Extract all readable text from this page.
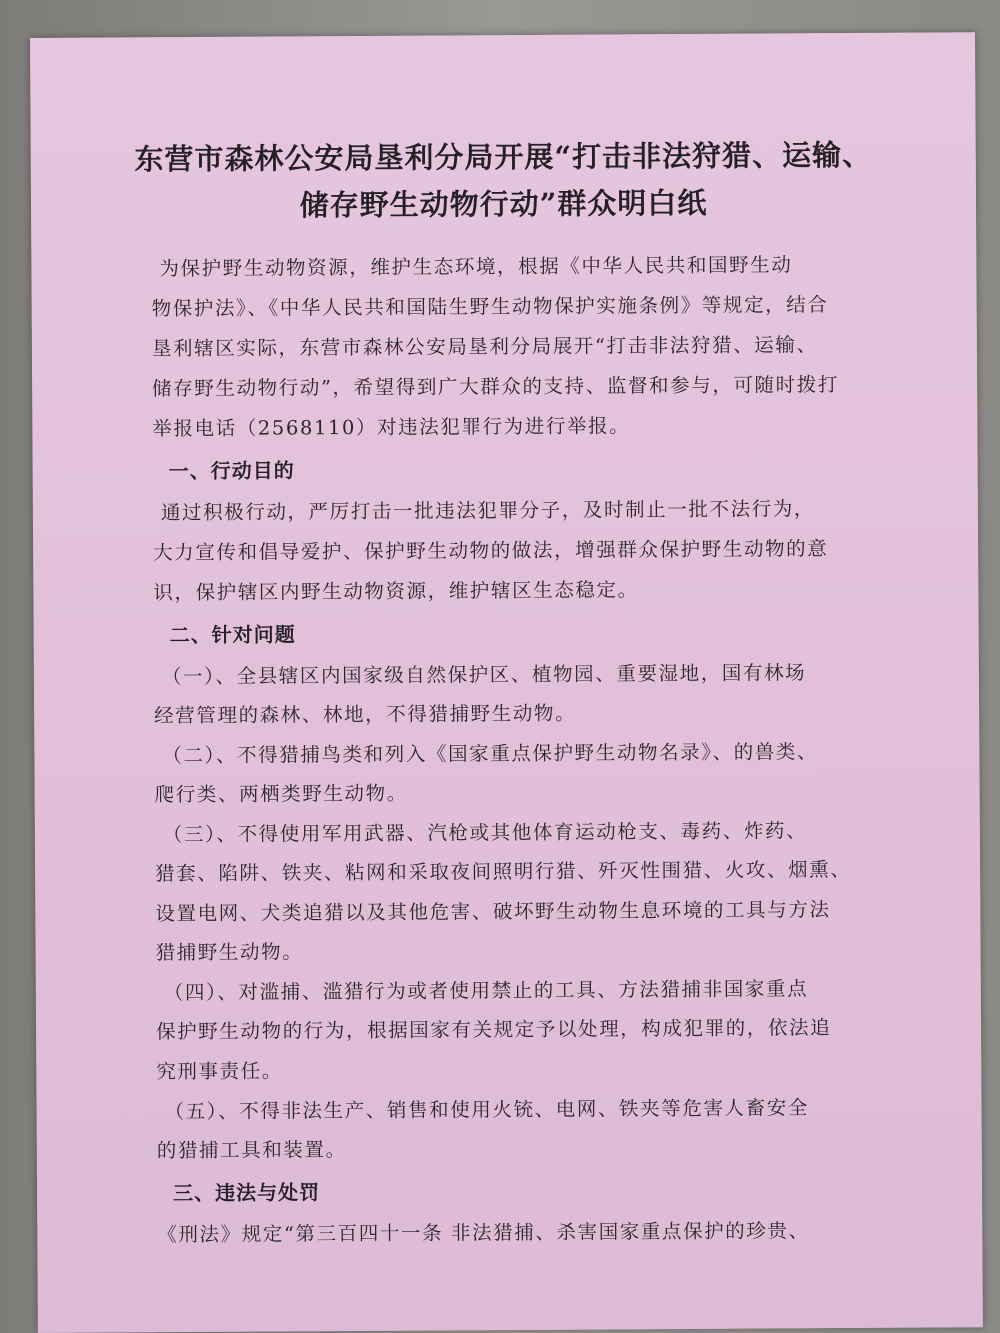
东营市森林公安局垦利分局开展“打击非法狩猎、运输、
储存野生动物行动”群众明白纸
为保护野生动物资源，维护生态环境，根据《中华人民共和国野生动
物保护法》、《中华人民共和国陆生野生动物保护实施条例》等规定，结合
垦利辖区实际，东营市森林公安局垦利分局展开“打击非法狩猎、运输、
储存野生动物行动”，希望得到广大群众的支持、监督和参与，可随时拨打
举报电话（2568110）对违法犯罪行为进行举报。
一、行动目的
通过积极行动，严厉打击一批违法犯罪分子，及时制止一批不法行为，
大力宣传和倡导爱护、保护野生动物的做法，增强群众保护野生动物的意
识，保护辖区内野生动物资源，维护辖区生态稳定。
二、针对问题
（一）、全县辖区内国家级自然保护区、植物园、重要湿地，国有林场
经营管理的森林、林地，不得猎捕野生动物。
（二）、不得猎捕鸟类和列入《国家重点保护野生动物名录》、的兽类、
爬行类、两栖类野生动物。
（三）、不得使用军用武器、汽枪或其他体育运动枪支、毒药、炸药、
猎套、陷阱、铁夹、粘网和采取夜间照明行猎、歼灭性围猎、火攻、烟熏、
设置电网、犬类追猎以及其他危害、破坏野生动物生息环境的工具与方法
猎捕野生动物。
（四）、对滥捕、滥猎行为或者使用禁止的工具、方法猎捕非国家重点
保护野生动物的行为，根据国家有关规定予以处理，构成犯罪的，依法追
究刑事责任。
（五）、不得非法生产、销售和使用火铳、电网、铁夹等危害人畜安全
的猎捕工具和装置。
三、违法与处罚
《刑法》规定“第三百四十一条 非法猎捕、杀害国家重点保护的珍贵、
